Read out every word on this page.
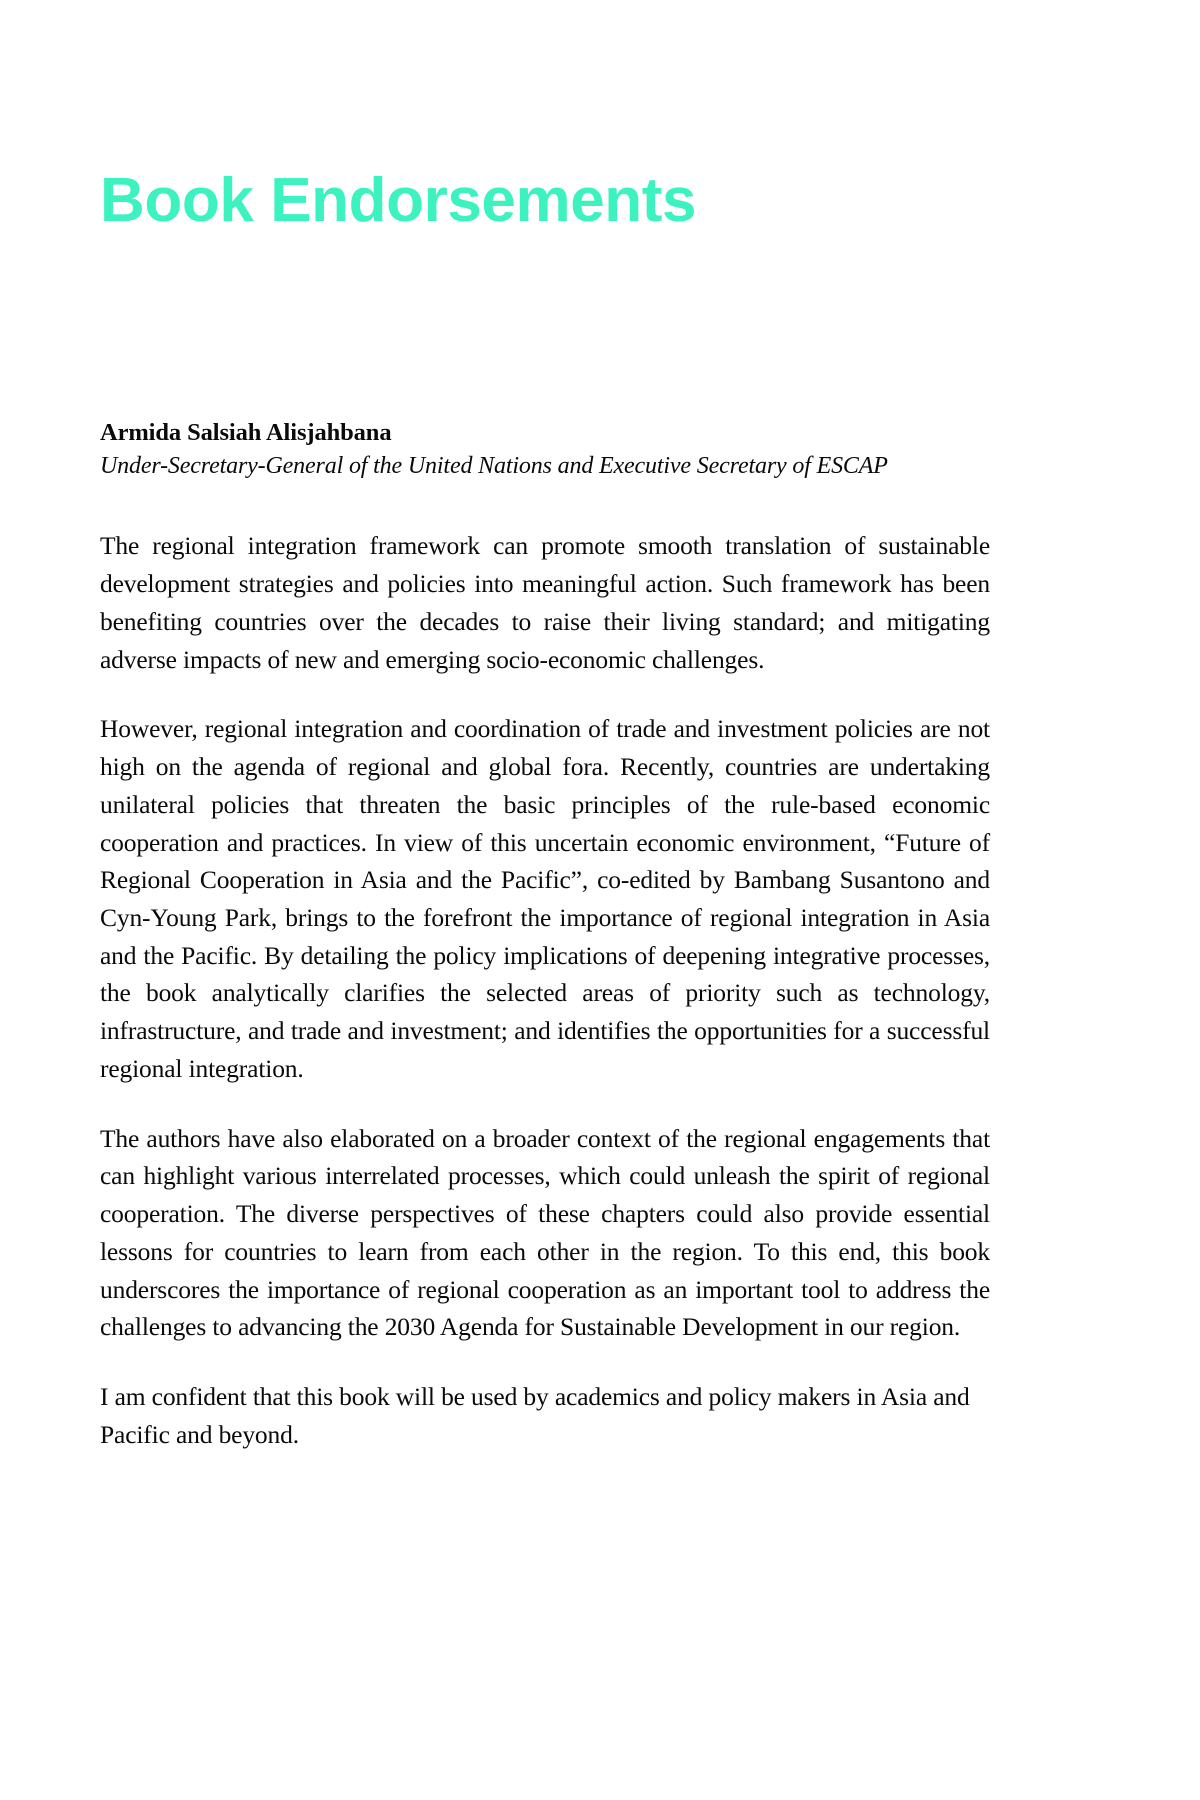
Book Endorsements
Armida Salsiah Alisjahbana
Under-Secretary-General of the United Nations and Executive Secretary of ESCAP

The regional integration framework can promote smooth translation of sustainable development strategies and policies into meaningful action. Such framework has been benefiting countries over the decades to raise their living standard; and mitigating adverse impacts of new and emerging socio-economic challenges.

However, regional integration and coordination of trade and investment policies are not high on the agenda of regional and global fora. Recently, countries are undertaking unilateral policies that threaten the basic principles of the rule-based economic cooperation and practices. In view of this uncertain economic environment, “Future of Regional Cooperation in Asia and the Pacific”, co-edited by Bambang Susantono and Cyn-Young Park, brings to the forefront the importance of regional integration in Asia and the Pacific. By detailing the policy implications of deepening integrative processes, the book analytically clarifies the selected areas of priority such as technology, infrastructure, and trade and investment; and identifies the opportunities for a successful regional integration.

The authors have also elaborated on a broader context of the regional engagements that can highlight various interrelated processes, which could unleash the spirit of regional cooperation. The diverse perspectives of these chapters could also provide essential lessons for countries to learn from each other in the region. To this end, this book underscores the importance of regional cooperation as an important tool to address the challenges to advancing the 2030 Agenda for Sustainable Development in our region.

I am confident that this book will be used by academics and policy makers in Asia and Pacific and beyond.
